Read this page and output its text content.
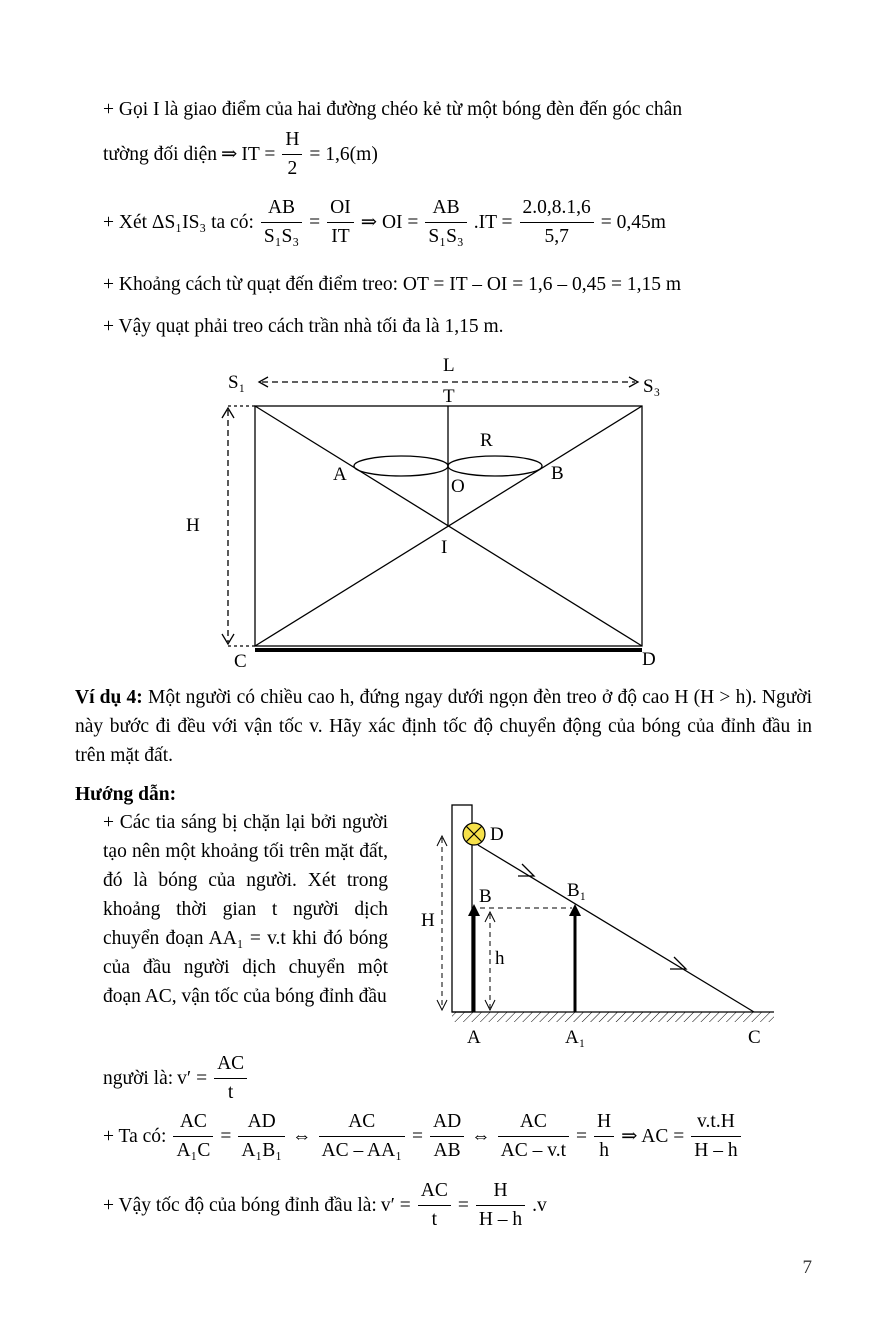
+ Gọi I là giao điểm của hai đường chéo kẻ từ một bóng đèn đến góc chân
tường đối diện ⇒ IT = $\frac{H}{2} = 1,6(m)$
+ Xét ΔS₁IS₃ ta có: $\frac{AB}{\text{S₁S₃}} = \frac{OI}{IT}$ ⇒ OI = $\frac{AB}{\text{S₁S₃}} .IT = \frac{2.0,8.1,6}{5,7} = 0,45m$
+ Khoảng cách từ quạt đến điểm treo: OT = IT – OI = 1,6 – 0,45 = 1,15 m
+ Vậy quạt phải treo cách trần nhà tối đa là 1,15 m.
L
T
S₁	S₃
R
A	B
O
I
H
C	D
Ví dụ 4: Một người có chiều cao h, đứng ngay dưới ngọn đèn treo ở độ cao H (H > h). Người này bước đi đều với vận tốc v. Hãy xác định tốc độ chuyển động của bóng của đỉnh đầu in trên mặt đất.
Hướng dẫn:
+ Các tia sáng bị chặn lại bởi người tạo nên một khoảng tối trên mặt đất, đó là bóng của người. Xét trong khoảng thời gian t người dịch chuyển đoạn AA₁ = v.t khi đó bóng của đầu người dịch chuyển một đoạn AC, vận tốc của bóng đỉnh đầu
người là: $v' = \frac{AC}{t}$
D
B	B₁
H
h
A	A₁	C
+ Ta có: $\frac{AC}{\text{A₁C}} = \frac{AD}{\text{A₁B₁}}$ ⇔ $\frac{AC}{\text{AC – AA₁}} = \frac{AD}{AB}$ ⇔ $\frac{AC}{AC - v.t} = \frac{H}{h}$ ⇒ AC = $\frac{v.t.H}{H - h}$
+ Vậy tốc độ của bóng đỉnh đầu là: $v' = \frac{AC}{t} = \frac{H}{H - h} .v$
7
